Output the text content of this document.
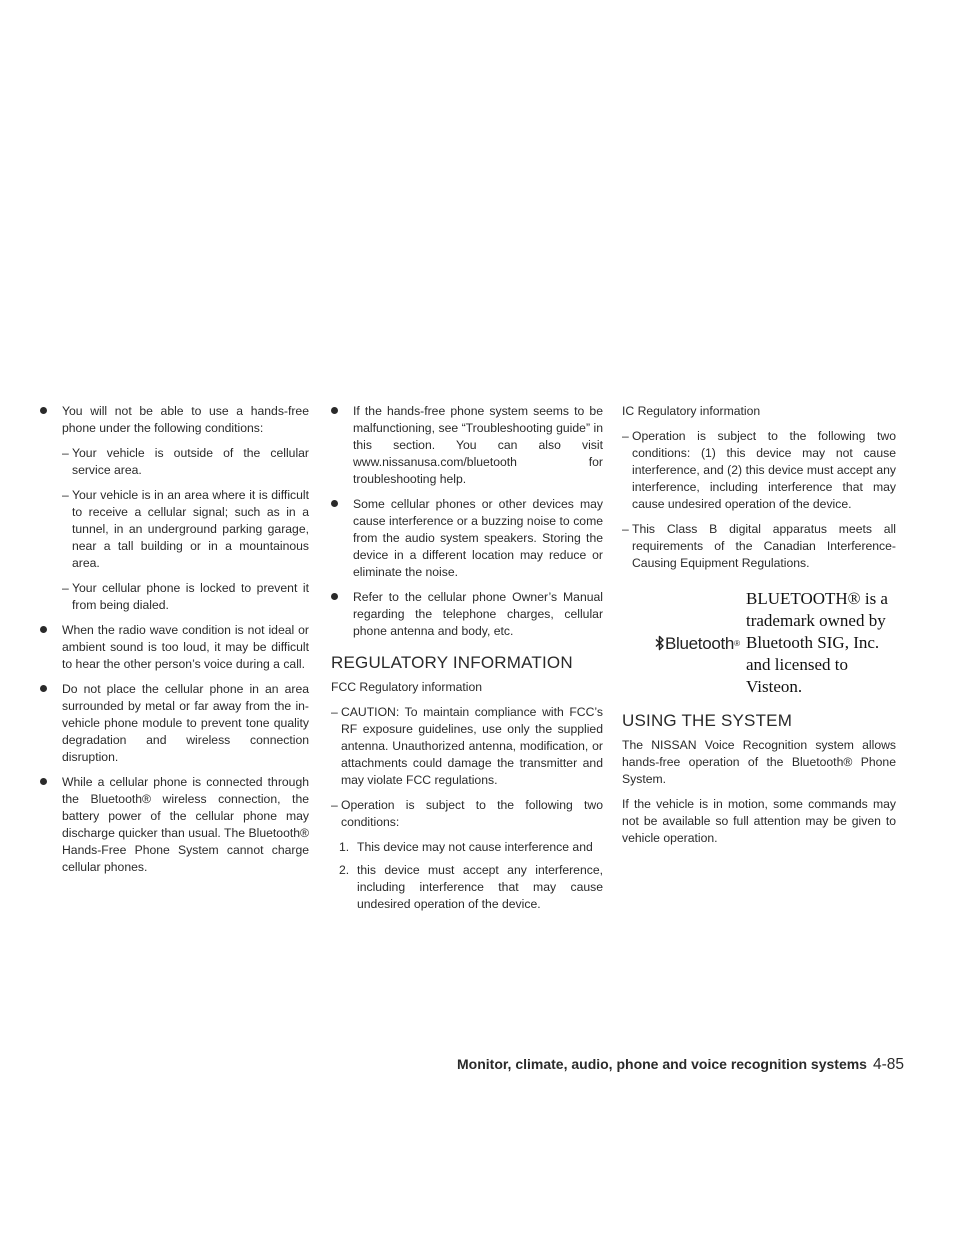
You will not be able to use a hands-free phone under the following conditions:
– Your vehicle is outside of the cellular service area.
– Your vehicle is in an area where it is difficult to receive a cellular signal; such as in a tunnel, in an underground parking garage, near a tall building or in a mountainous area.
– Your cellular phone is locked to prevent it from being dialed.
When the radio wave condition is not ideal or ambient sound is too loud, it may be difficult to hear the other person’s voice during a call.
Do not place the cellular phone in an area surrounded by metal or far away from the in-vehicle phone module to prevent tone quality degradation and wireless connection disruption.
While a cellular phone is connected through the Bluetooth® wireless connection, the battery power of the cellular phone may discharge quicker than usual. The Bluetooth® Hands-Free Phone System cannot charge cellular phones.
If the hands-free phone system seems to be malfunctioning, see “Troubleshooting guide” in this section. You can also visit www.nissanusa.com/bluetooth for troubleshooting help.
Some cellular phones or other devices may cause interference or a buzzing noise to come from the audio system speakers. Storing the device in a different location may reduce or eliminate the noise.
Refer to the cellular phone Owner’s Manual regarding the telephone charges, cellular phone antenna and body, etc.
REGULATORY INFORMATION
FCC Regulatory information
– CAUTION: To maintain compliance with FCC’s RF exposure guidelines, use only the supplied antenna. Unauthorized antenna, modification, or attachments could damage the transmitter and may violate FCC regulations.
– Operation is subject to the following two conditions:
1. This device may not cause interference and
2. this device must accept any interference, including interference that may cause undesired operation of the device.
IC Regulatory information
– Operation is subject to the following two conditions: (1) this device may not cause interference, and (2) this device must accept any interference, including interference that may cause undesired operation of the device.
– This Class B digital apparatus meets all requirements of the Canadian Interference-Causing Equipment Regulations.
Bluetooth ®
BLUETOOTH® is a
trademark owned by
Bluetooth SIG, Inc.
and licensed to
Visteon.
USING THE SYSTEM
The NISSAN Voice Recognition system allows hands-free operation of the Bluetooth® Phone System.
If the vehicle is in motion, some commands may not be available so full attention may be given to vehicle operation.
Monitor, climate, audio, phone and voice recognition systems 4-85
